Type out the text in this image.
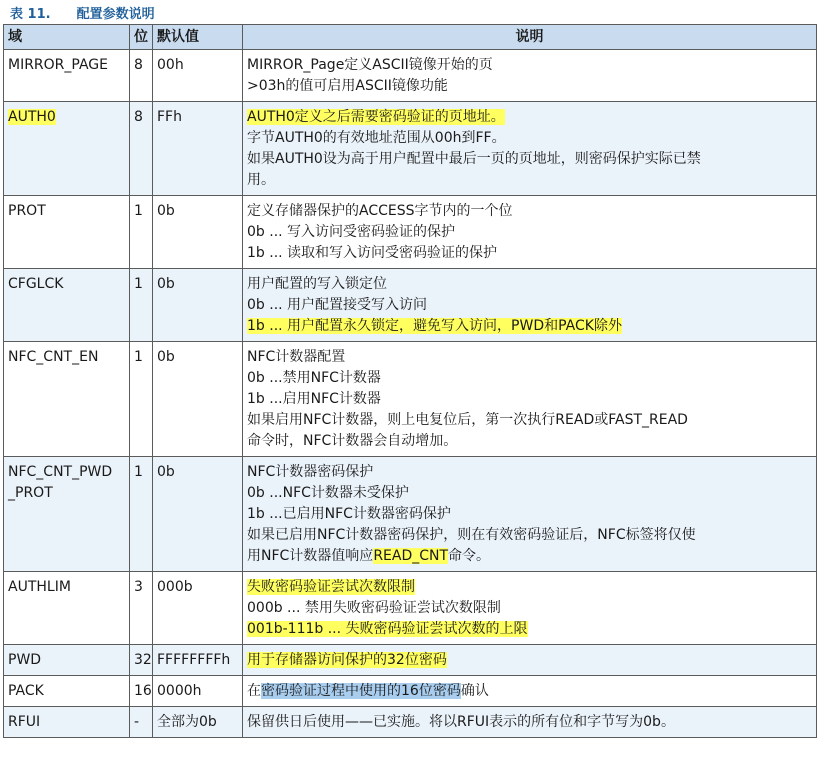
表 11. 配置参数说明
域	位	默认值	说明
MIRROR_PAGE	8	00h	MIRROR_Page定义ASCII镜像开始的页
>03h的值可启用ASCII镜像功能

AUTH0	8	FFh	AUTH0定义之后需要密码验证的页地址。
字节AUTH0的有效地址范围从00h到FF。
如果AUTH0设为高于用户配置中最后一页的页地址，则密码保护实际已禁
用。

PROT	1	0b	定义存储器保护的ACCESS字节内的一个位
0b ... 写入访问受密码验证的保护
1b ... 读取和写入访问受密码验证的保护

CFGLCK	1	0b	用户配置的写入锁定位
0b ... 用户配置接受写入访问
1b ... 用户配置永久锁定，避免写入访问，PWD和PACK除外

NFC_CNT_EN	1	0b	NFC计数器配置
0b ...禁用NFC计数器
1b ...启用NFC计数器
如果启用NFC计数器，则上电复位后，第一次执行READ或FAST_READ
命令时，NFC计数器会自动增加。

NFC_CNT_PWD
_PROT	1	0b	NFC计数器密码保护
0b ...NFC计数器未受保护
1b ...已启用NFC计数器密码保护
如果已启用NFC计数器密码保护，则在有效密码验证后，NFC标签将仅使
用NFC计数器值响应READ_CNT命令。

AUTHLIM	3	000b	失败密码验证尝试次数限制
000b ... 禁用失败密码验证尝试次数限制
001b-111b ... 失败密码验证尝试次数的上限

PWD	32	FFFFFFFFh	用于存储器访问保护的32位密码

PACK	16	0000h	在密码验证过程中使用的16位密码确认

RFUI	-	全部为0b	保留供日后使用——已实施。将以RFUI表示的所有位和字节写为0b。
